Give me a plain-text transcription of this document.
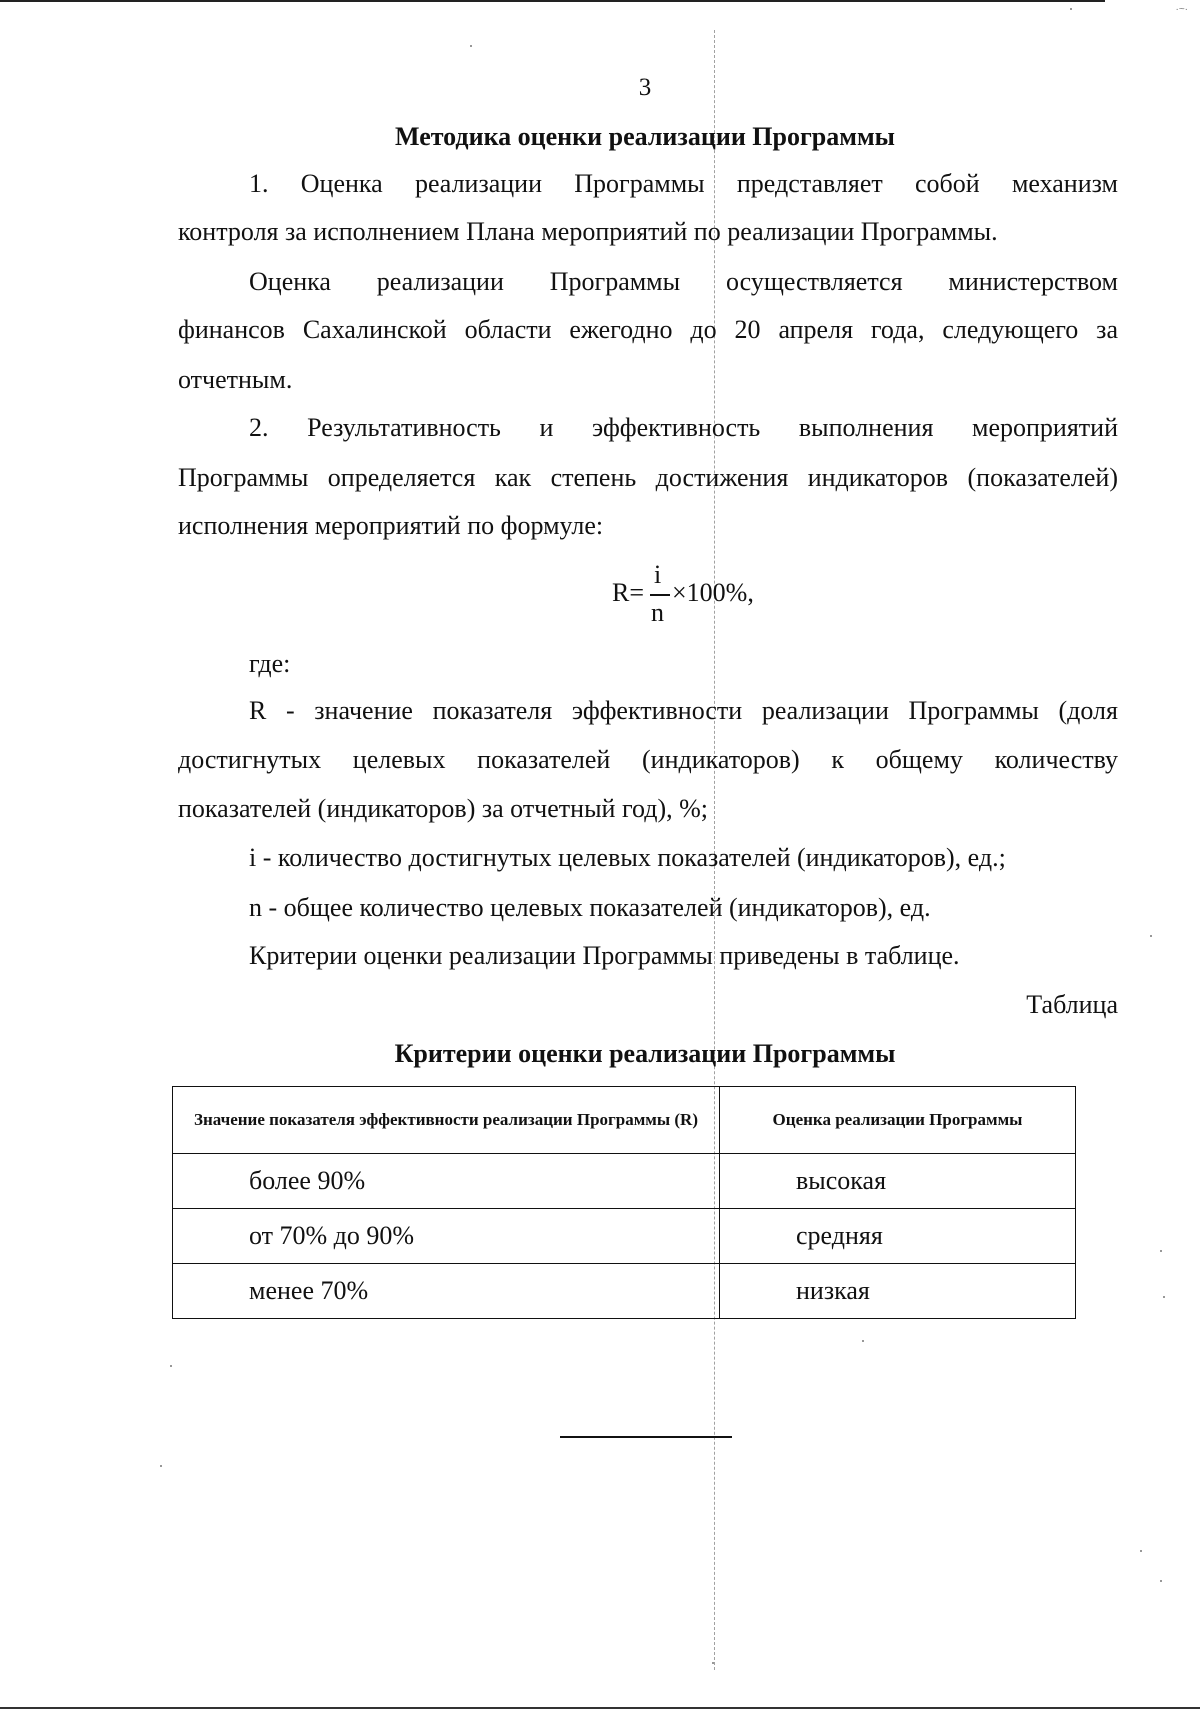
·~·
3
Методика оценки реализации Программы
1. Оценка реализации Программы представляет собой механизм
контроля за исполнением Плана мероприятий по реализации Программы.
Оценка реализации Программы осуществляется министерством
финансов Сахалинской области ежегодно до 20 апреля года, следующего за
отчетным.
2. Результативность и эффективность выполнения мероприятий
Программы определяется как степень достижения индикаторов (показателей)
исполнения мероприятий по формуле:
R=
i
n
×100%,
где:
R - значение показателя эффективности реализации Программы (доля
достигнутых целевых показателей (индикаторов) к общему количеству
показателей (индикаторов) за отчетный год), %;
i - количество достигнутых целевых показателей (индикаторов), ед.;
n - общее количество целевых показателей (индикаторов), ед.
Критерии оценки реализации Программы приведены в таблице.
Таблица
Критерии оценки реализации Программы
Значение показателя эффективности реализации Программы (R)	Оценка реализации Программы
более 90%	высокая
от 70% до 90%	средняя
менее 70%	низкая
